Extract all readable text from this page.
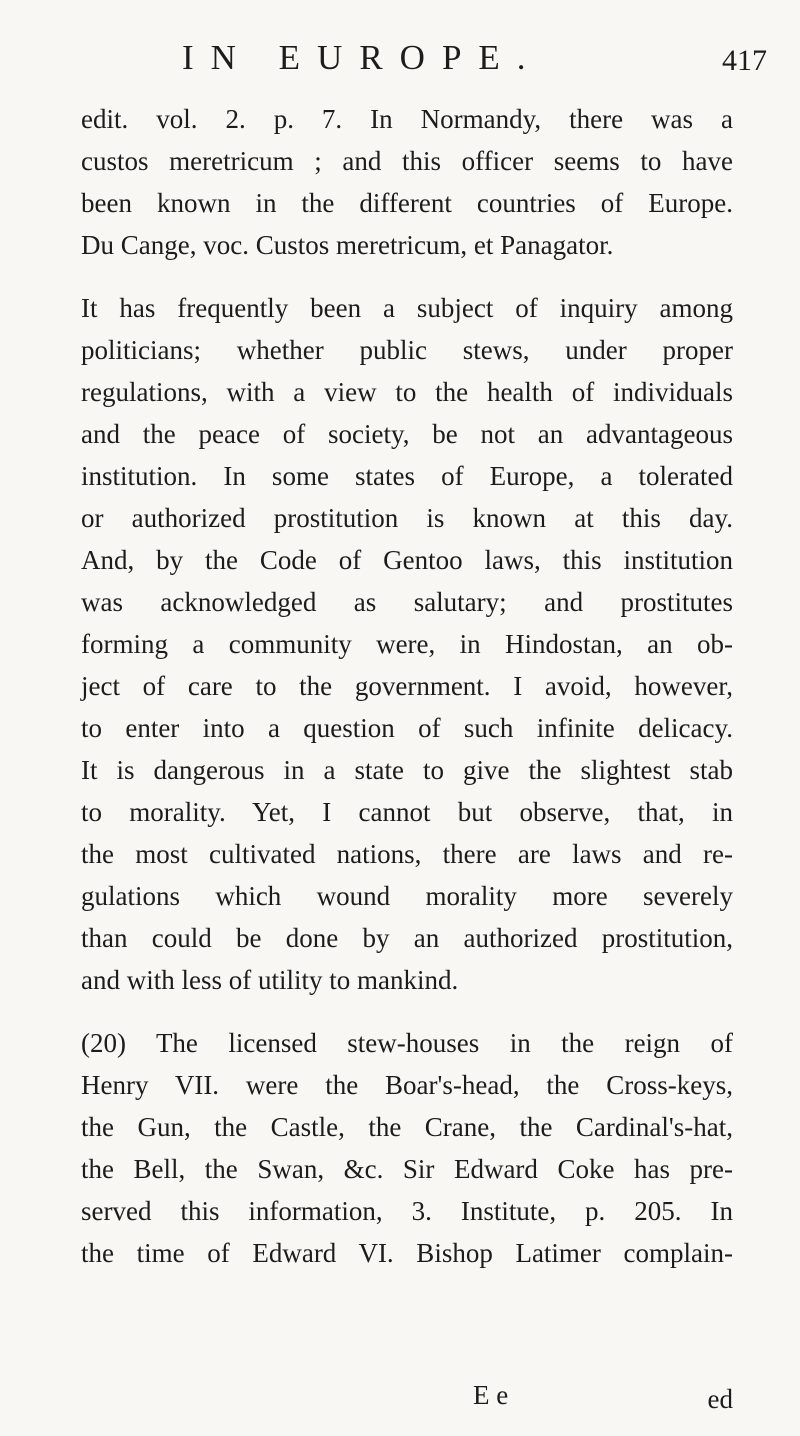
IN EUROPE.	417
edit. vol. 2. p. 7. In Normandy, there was a
custos meretricum ; and this officer seems to have
been known in the different countries of Europe.
Du Cange, voc. Custos meretricum, et Panagator.
It has frequently been a subject of inquiry among
politicians; whether public stews, under proper
regulations, with a view to the health of individuals
and the peace of society, be not an advantageous
institution. In some states of Europe, a tolerated
or authorized prostitution is known at this day.
And, by the Code of Gentoo laws, this institution
was acknowledged as salutary; and prostitutes
forming a community were, in Hindostan, an ob-
ject of care to the government. I avoid, however,
to enter into a question of such infinite delicacy.
It is dangerous in a state to give the slightest stab
to morality. Yet, I cannot but observe, that, in
the most cultivated nations, there are laws and re-
gulations which wound morality more severely
than could be done by an authorized prostitution,
and with less of utility to mankind.
(20) The licensed stew-houses in the reign of
Henry VII. were the Boar's-head, the Cross-keys,
the Gun, the Castle, the Crane, the Cardinal's-hat,
the Bell, the Swan, &c. Sir Edward Coke has pre-
served this information, 3. Institute, p. 205. In
the time of Edward VI. Bishop Latimer complain-
E e	ed
